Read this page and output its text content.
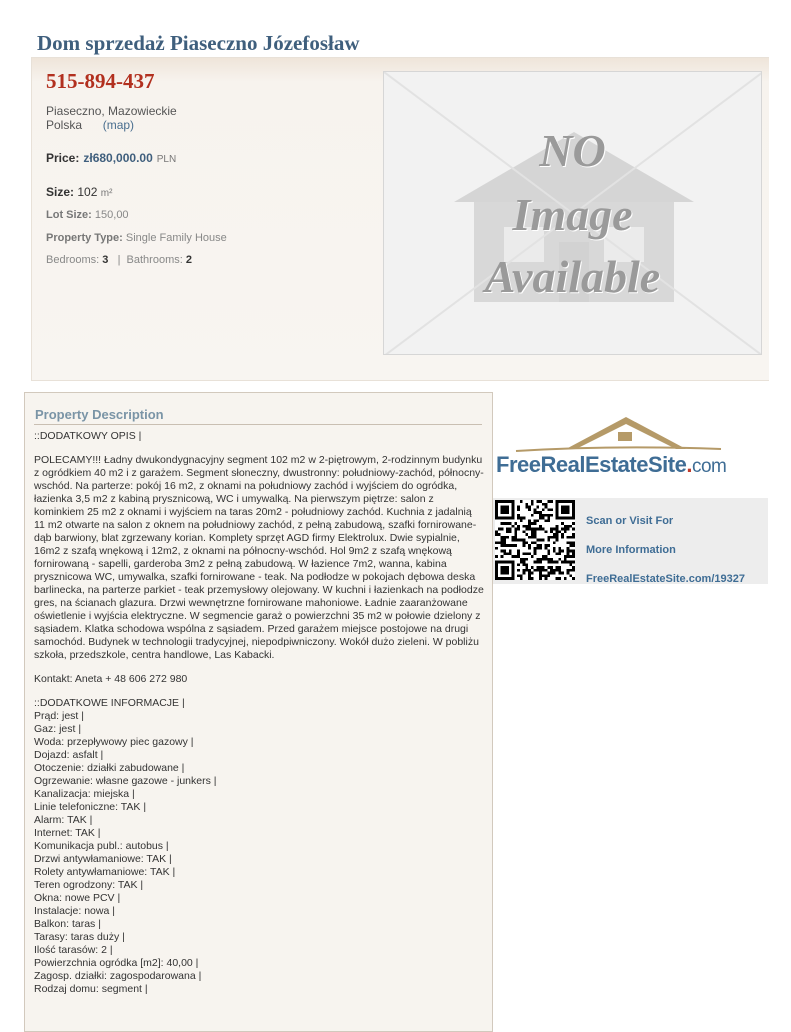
Dom sprzedaż Piaseczno Józefosław
515-894-437
Piaseczno, Mazowieckie
Polska (map)
Price: zł680,000.00 PLN
Size: 102 m²
Lot Size: 150,00
Property Type: Single Family House
Bedrooms: 3 | Bathrooms: 2
NO
Image
Available
Property Description

::DODATKOWY OPIS |

POLECAMY!!! Ładny dwukondygnacyjny segment 102 m2 w 2-piętrowym, 2-rodzinnym budynku z ogródkiem 40 m2 i z garażem. Segment słoneczny, dwustronny: południowy-zachód, północny-wschód. Na parterze: pokój 16 m2, z oknami na południowy zachód i wyjściem do ogródka, łazienka 3,5 m2 z kabiną prysznicową, WC i umywalką. Na pierwszym piętrze: salon z kominkiem 25 m2 z oknami i wyjściem na taras 20m2 - południowy zachód. Kuchnia z jadalnią 11 m2 otwarte na salon z oknem na południowy zachód, z pełną zabudową, szafki fornirowane- dąb barwiony, blat zgrzewany korian. Komplety sprzęt AGD firmy Elektrolux. Dwie sypialnie, 16m2 z szafą wnękową i 12m2, z oknami na północny-wschód. Hol 9m2 z szafą wnękową fornirowaną - sapelli, garderoba 3m2 z pełną zabudową. W łazience 7m2, wanna, kabina prysznicowa WC, umywalka, szafki fornirowane - teak. Na podłodze w pokojach dębowa deska barlinecka, na parterze parkiet - teak przemysłowy olejowany. W kuchni i łazienkach na podłodze gres, na ścianach glazura. Drzwi wewnętrzne fornirowane mahoniowe. Ładnie zaaranżowane oświetlenie i wyjścia elektryczne. W segmencie garaż o powierzchni 35 m2 w połowie dzielony z sąsiadem. Klatka schodowa wspólna z sąsiadem. Przed garażem miejsce postojowe na drugi samochód. Budynek w technologii tradycyjnej, niepodpiwniczony. Wokół dużo zieleni. W pobliżu szkoła, przedszkole, centra handlowe, Las Kabacki.

Kontakt: Aneta + 48 606 272 980

::DODATKOWE INFORMACJE |
Prąd: jest |
Gaz: jest |
Woda: przepływowy piec gazowy |
Dojazd: asfalt |
Otoczenie: działki zabudowane |
Ogrzewanie: własne gazowe - junkers |
Kanalizacja: miejska |
Linie telefoniczne: TAK |
Alarm: TAK |
Internet: TAK |
Komunikacja publ.: autobus |
Drzwi antywłamaniowe: TAK |
Rolety antywłamaniowe: TAK |
Teren ogrodzony: TAK |
Okna: nowe PCV |
Instalacje: nowa |
Balkon: taras |
Tarasy: taras duży |
Ilość tarasów: 2 |
Powierzchnia ogródka [m2]: 40,00 |
Zagosp. działki: zagospodarowana |
Rodzaj domu: segment |

FreeRealEstateSite.com
Scan or Visit For
More Information
FreeRealEstateSite.com/19327
